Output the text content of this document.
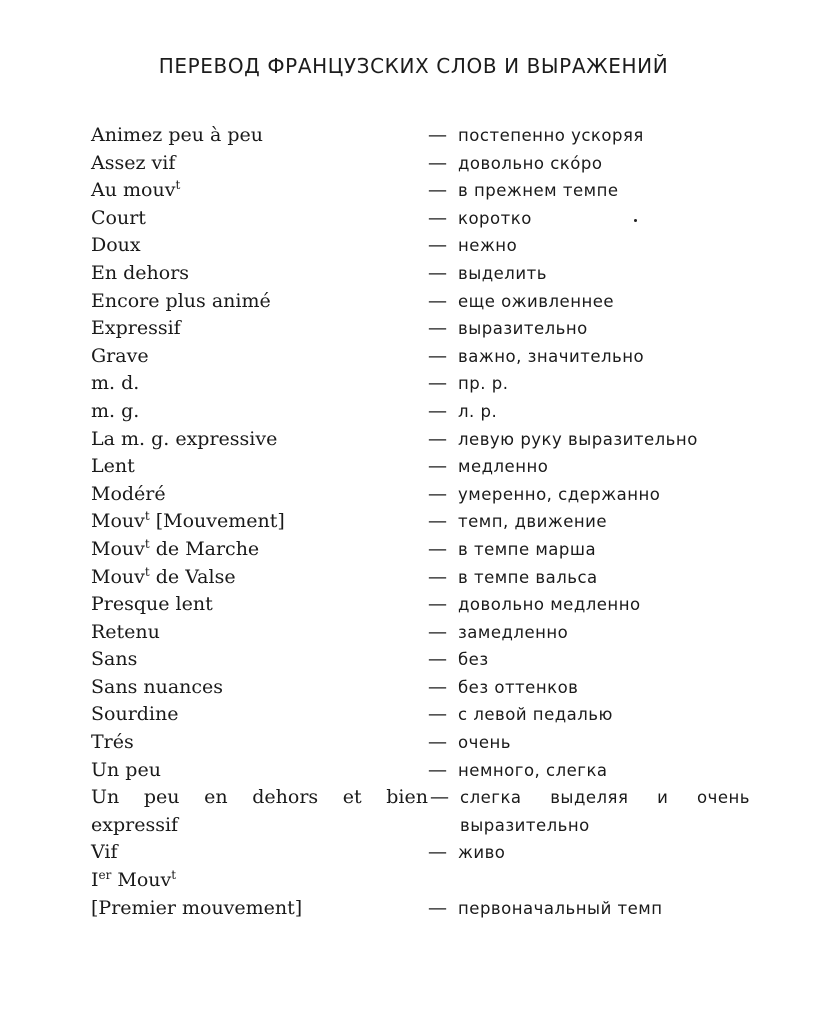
ПЕРЕВОД ФРАНЦУЗСКИХ СЛОВ И ВЫРАЖЕНИЙ
Animez peu à peu	— постепенно ускоряя
Assez vif	— довольно скóро
Au mouv$^t$	— в прежнем темпе
Court	— коротко
Doux	— нежно
En dehors	— выделить
Encore plus animé	— еще оживленнее
Expressif	— выразительно
Grave	— важно, значительно
m. d.	— пр. р.
m. g.	— л. р.
La m. g. expressive	— левую руку выразительно
Lent	— медленно
Modéré	— умеренно, сдержанно
Mouv$^t$ [Mouvement]	— темп, движение
Mouv$^t$ de Marche	— в темпе марша
Mouv$^t$ de Valse	— в темпе вальса
Presque lent	— довольно медленно
Retenu	— замедленно
Sans	— без
Sans nuances	— без оттенков
Sourdine	— с левой педалью
Trés	— очень
Un peu	— немного, слегка
Un peu en dehors et bien expressif
— слегка выделяя и очень выразительно
Vif	— живо
Ier Mouv$^t$
[Premier mouvement]	— первоначальный темп
